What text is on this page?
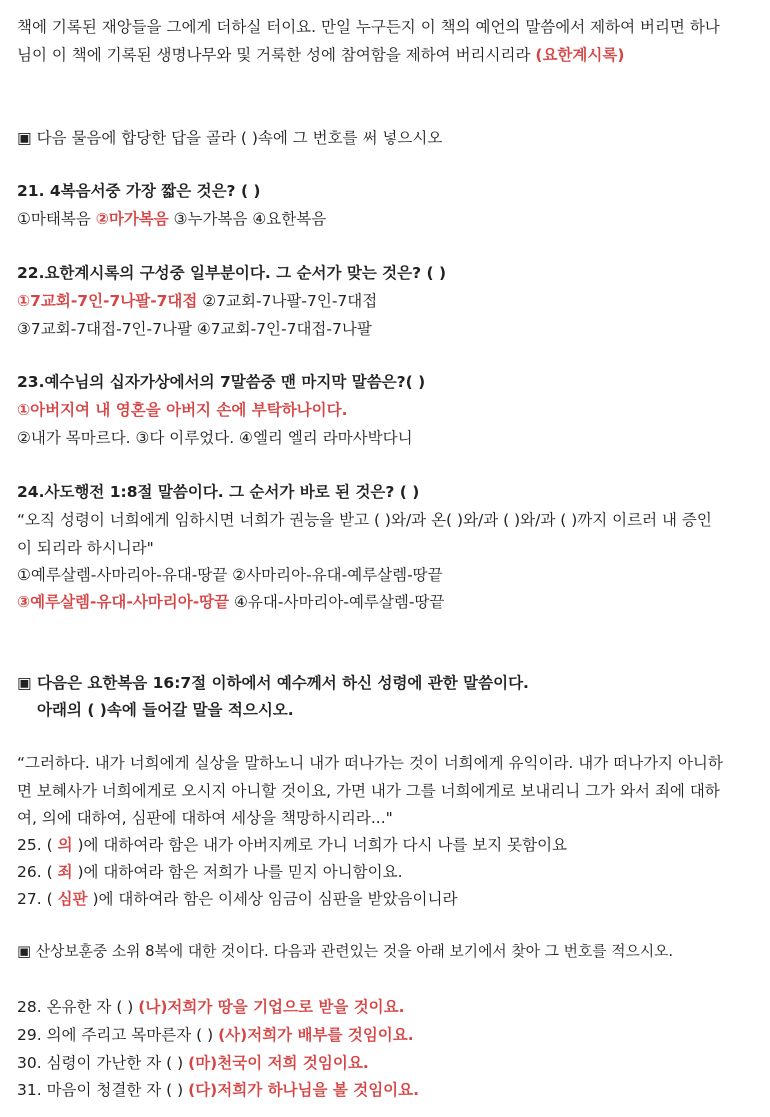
책에 기록된 재앙들을 그에게 더하실 터이요. 만일 누구든지 이 책의 예언의 말씀에서 제하여 버리면 하나
님이 이 책에 기록된 생명나무와 및 거룩한 성에 참여함을 제하여 버리시리라 (요한계시록)
▣ 다음 물음에 합당한 답을 골라 ( )속에 그 번호를 써 넣으시오
21. 4복음서중 가장 짧은 것은? ( )
①마태복음 ②마가복음 ③누가복음 ④요한복음
22.요한계시록의 구성중 일부분이다. 그 순서가 맞는 것은? ( )
①7교회-7인-7나팔-7대접 ②7교회-7나팔-7인-7대접
③7교회-7대접-7인-7나팔 ④7교회-7인-7대접-7나팔
23.예수님의 십자가상에서의 7말씀중 맨 마지막 말씀은?( )
①아버지여 내 영혼을 아버지 손에 부탁하나이다.
②내가 목마르다. ③다 이루었다. ④엘리 엘리 라마사박다니
24.사도행전 1:8절 말씀이다. 그 순서가 바로 된 것은? ( )
“오직 성령이 너희에게 임하시면 너희가 권능을 받고 ( )와/과 온( )와/과 ( )와/과 ( )까지 이르러 내 증인
이 되리라 하시니라"
①예루살렘-사마리아-유대-땅끝 ②사마리아-유대-예루살렘-땅끝
③예루살렘-유대-사마리아-땅끝 ④유대-사마리아-예루살렘-땅끝
▣ 다음은 요한복음 16:7절 이하에서 예수께서 하신 성령에 관한 말씀이다.
아래의 ( )속에 들어갈 말을 적으시오.
“그러하다. 내가 너희에게 실상을 말하노니 내가 떠나가는 것이 너희에게 유익이라. 내가 떠나가지 아니하
면 보혜사가 너희에게로 오시지 아니할 것이요, 가면 내가 그를 너희에게로 보내리니 그가 와서 죄에 대하
여, 의에 대하여, 심판에 대하여 세상을 책망하시리라..."
25. ( 의 )에 대하여라 함은 내가 아버지께로 가니 너희가 다시 나를 보지 못함이요
26. ( 죄 )에 대하여라 함은 저희가 나를 믿지 아니함이요.
27. ( 심판 )에 대하여라 함은 이세상 임금이 심판을 받았음이니라
▣ 산상보훈중 소위 8복에 대한 것이다. 다음과 관련있는 것을 아래 보기에서 찾아 그 번호를 적으시오.
28. 온유한 자 ( ) (나)저희가 땅을 기업으로 받을 것이요.
29. 의에 주리고 목마른자 ( ) (사)저희가 배부를 것임이요.
30. 심령이 가난한 자 ( ) (마)천국이 저희 것임이요.
31. 마음이 청결한 자 ( ) (다)저희가 하나님을 볼 것임이요.
